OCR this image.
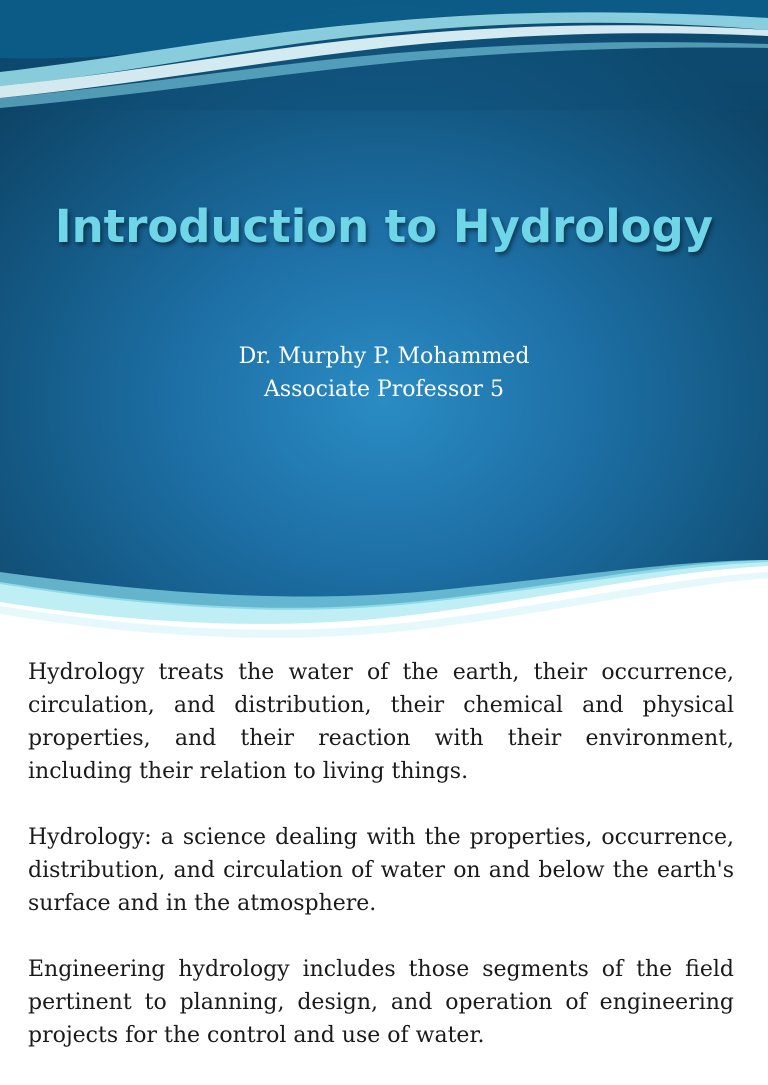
Introduction to Hydrology
Dr. Murphy P. Mohammed
Associate Professor 5

Hydrology treats the water of the earth, their occurrence, circulation, and distribution, their chemical and physical properties, and their reaction with their environment, including their relation to living things.

Hydrology: a science dealing with the properties, occurrence, distribution, and circulation of water on and below the earth's surface and in the atmosphere.

Engineering hydrology includes those segments of the field pertinent to planning, design, and operation of engineering projects for the control and use of water.
